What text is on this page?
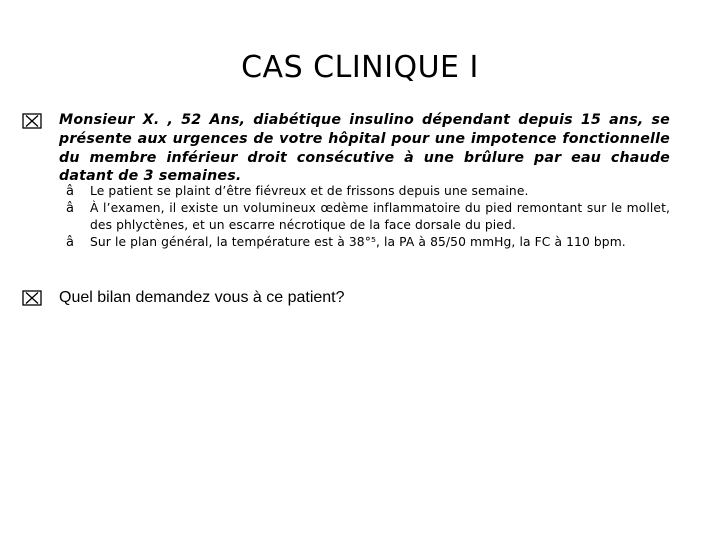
CAS CLINIQUE I
Monsieur X. , 52 Ans, diabétique insulino dépendant depuis 15 ans, se présente aux urgences de votre hôpital pour une impotence fonctionnelle du membre inférieur droit consécutive à une brûlure par eau chaude datant de 3 semaines.
â Le patient se plaint d’être fiévreux et de frissons depuis une semaine.
â À l’examen, il existe un volumineux œdème inflammatoire du pied remontant sur le mollet, des phlyctènes, et un escarre nécrotique de la face dorsale du pied.
â Sur le plan général, la température est à 38°⁵, la PA à 85/50 mmHg, la FC à 110 bpm.
Quel bilan demandez vous à ce patient?
